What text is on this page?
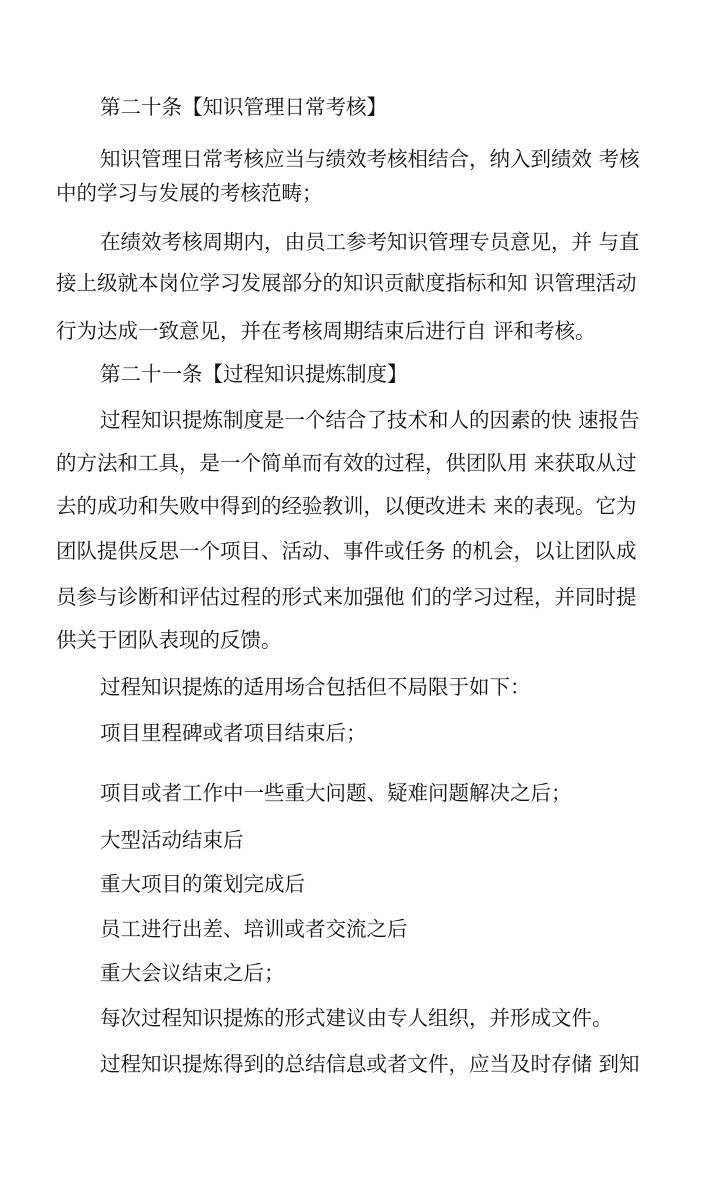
第二十条【知识管理日常考核】
知识管理日常考核应当与绩效考核相结合，纳入到绩效 考核
中的学习与发展的考核范畴；
在绩效考核周期内，由员工参考知识管理专员意见，并 与直
接上级就本岗位学习发展部分的知识贡献度指标和知 识管理活动
行为达成一致意见，并在考核周期结束后进行自 评和考核。
第二十一条【过程知识提炼制度】
过程知识提炼制度是一个结合了技术和人的因素的快 速报告
的方法和工具，是一个简单而有效的过程，供团队用 来获取从过
去的成功和失败中得到的经验教训，以便改进未 来的表现。它为
团队提供反思一个项目、活动、事件或任务 的机会，以让团队成
员参与诊断和评估过程的形式来加强他 们的学习过程，并同时提
供关于团队表现的反馈。
过程知识提炼的适用场合包括但不局限于如下：
项目里程碑或者项目结束后；
项目或者工作中一些重大问题、疑难问题解决之后；
大型活动结束后
重大项目的策划完成后
员工进行出差、培训或者交流之后
重大会议结束之后；
每次过程知识提炼的形式建议由专人组织，并形成文件。
过程知识提炼得到的总结信息或者文件，应当及时存储 到知
